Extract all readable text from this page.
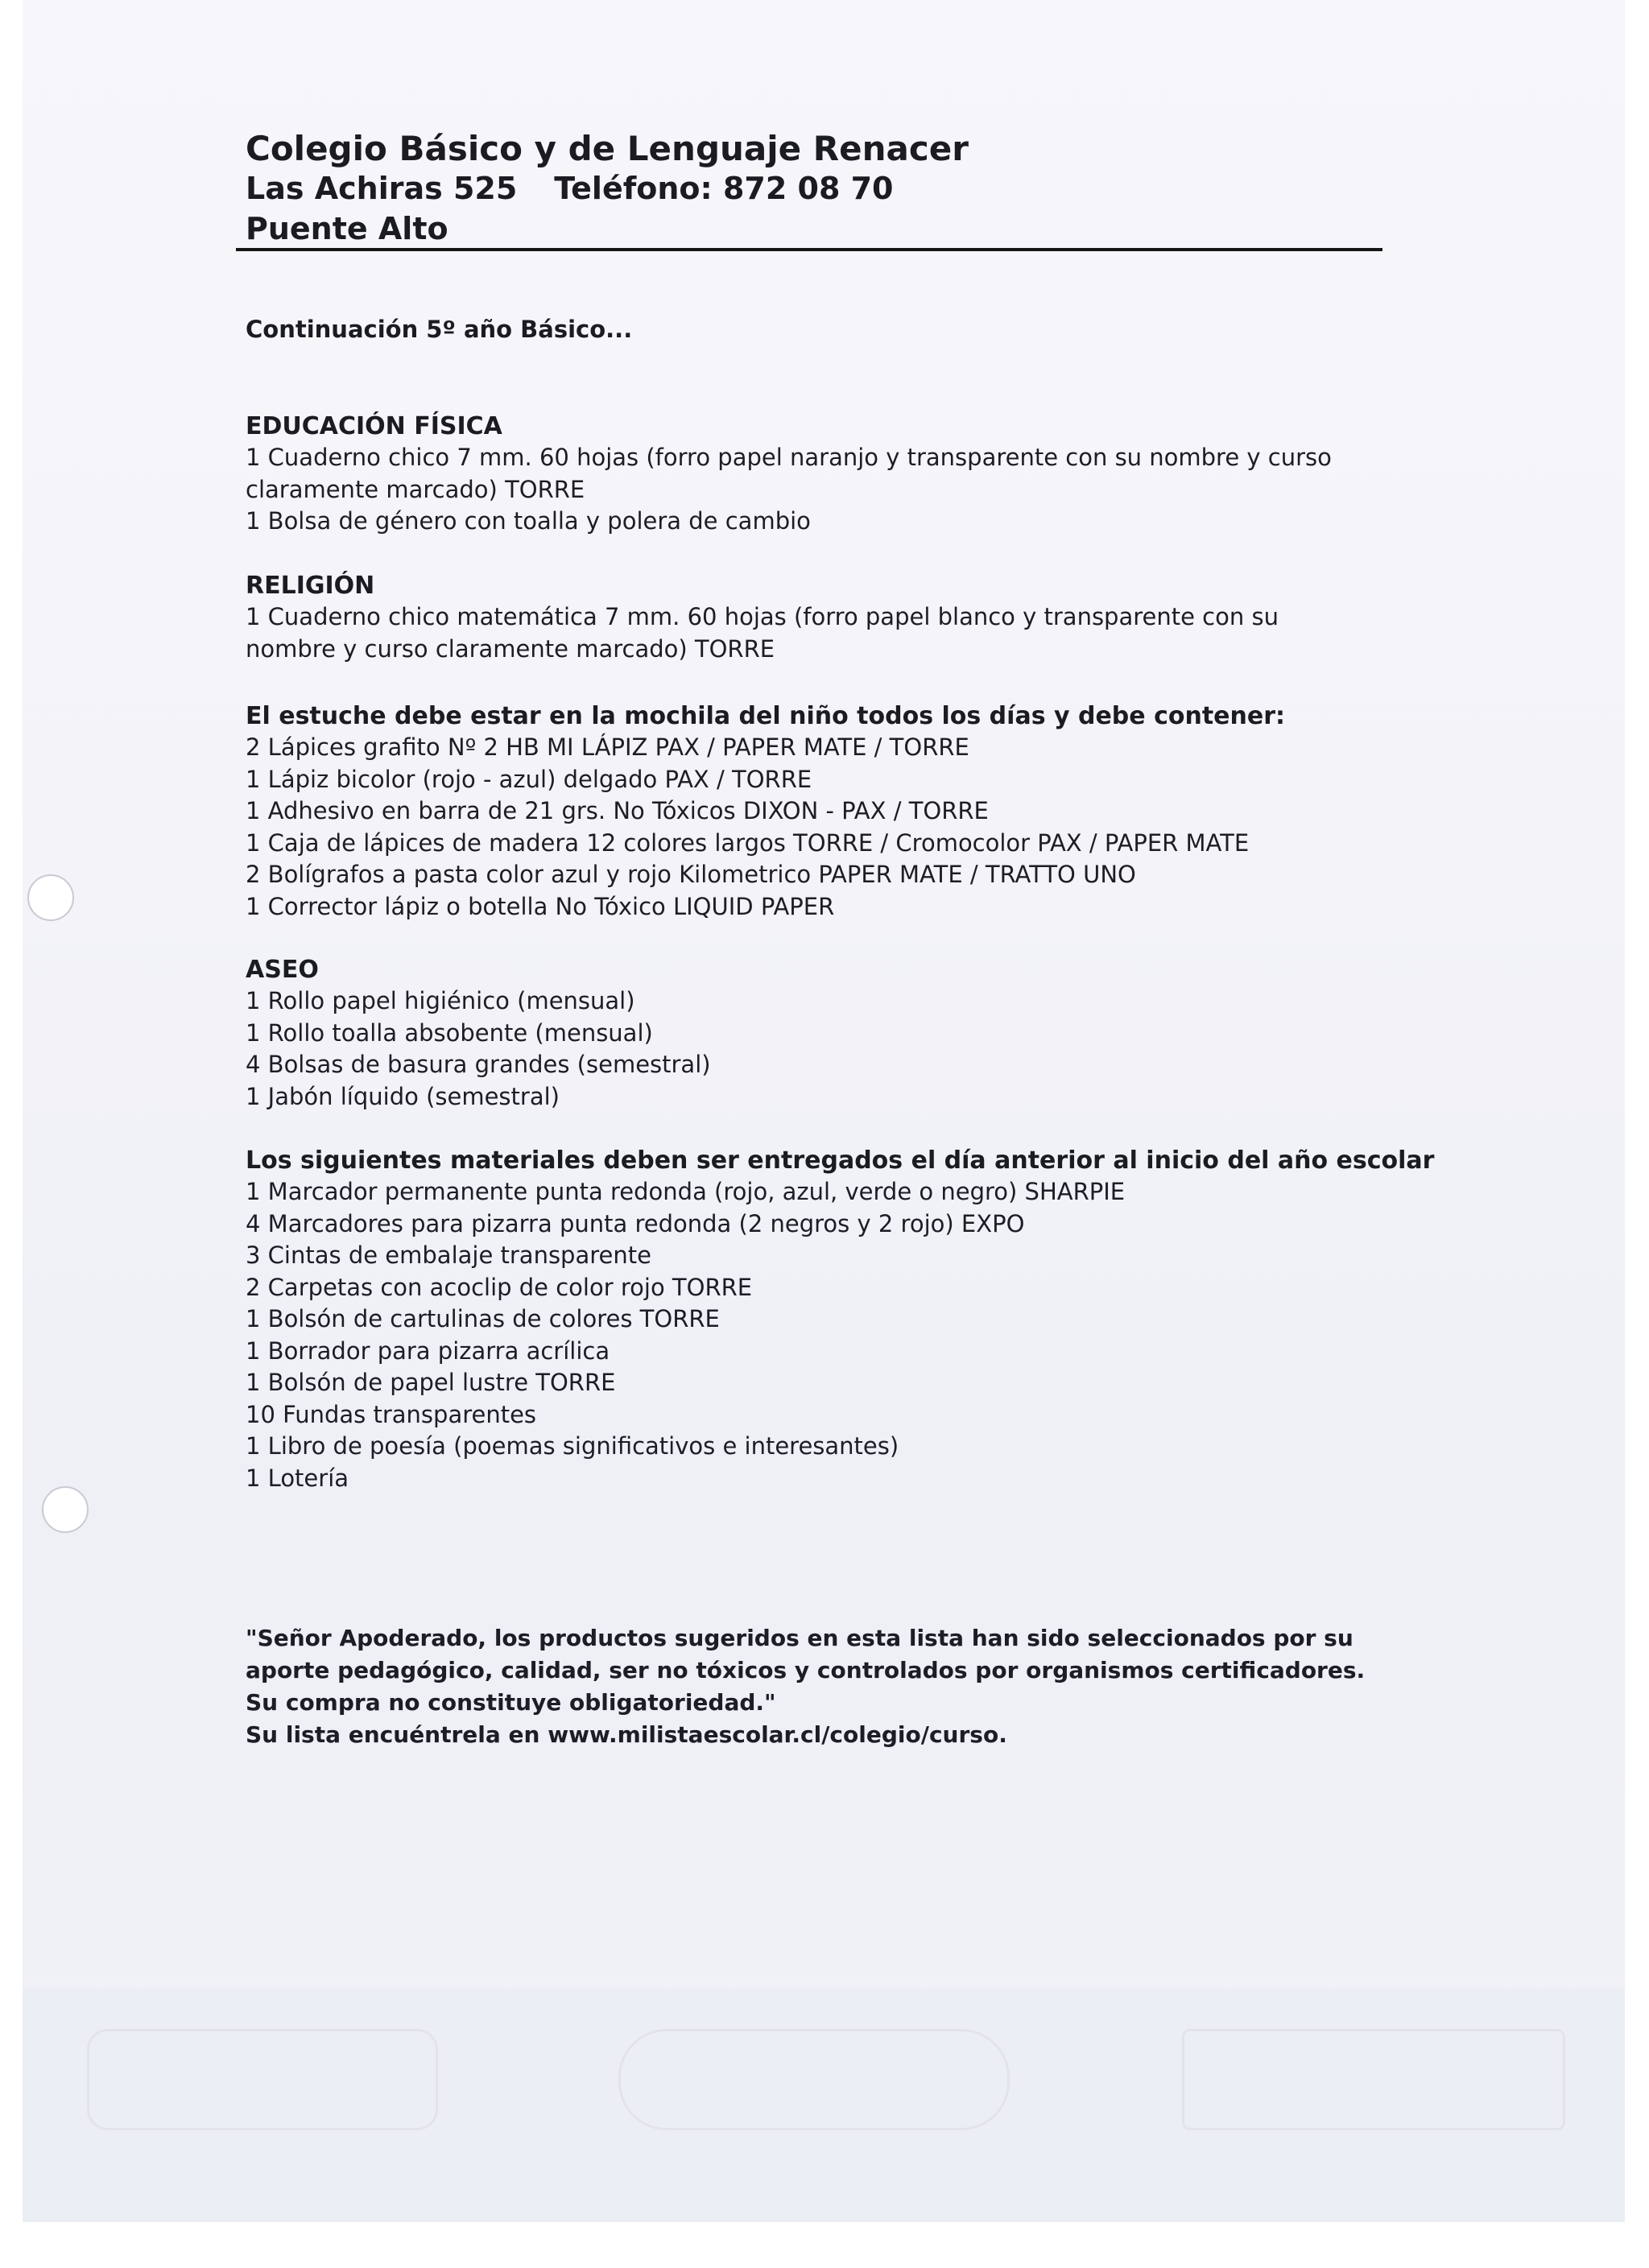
Colegio Básico y de Lenguaje Renacer
Las Achiras 525 Teléfono: 872 08 70
Puente Alto
Continuación 5º año Básico...
EDUCACIÓN FÍSICA
1 Cuaderno chico 7 mm. 60 hojas (forro papel naranjo y transparente con su nombre y curso
claramente marcado) TORRE
1 Bolsa de género con toalla y polera de cambio
RELIGIÓN
1 Cuaderno chico matemática 7 mm. 60 hojas (forro papel blanco y transparente con su
nombre y curso claramente marcado) TORRE
El estuche debe estar en la mochila del niño todos los días y debe contener:
2 Lápices grafito Nº 2 HB MI LÁPIZ PAX / PAPER MATE / TORRE
1 Lápiz bicolor (rojo - azul) delgado PAX / TORRE
1 Adhesivo en barra de 21 grs. No Tóxicos DIXON - PAX / TORRE
1 Caja de lápices de madera 12 colores largos TORRE / Cromocolor PAX / PAPER MATE
2 Bolígrafos a pasta color azul y rojo Kilometrico PAPER MATE / TRATTO UNO
1 Corrector lápiz o botella No Tóxico LIQUID PAPER
ASEO
1 Rollo papel higiénico (mensual)
1 Rollo toalla absobente (mensual)
4 Bolsas de basura grandes (semestral)
1 Jabón líquido (semestral)
Los siguientes materiales deben ser entregados el día anterior al inicio del año escolar
1 Marcador permanente punta redonda (rojo, azul, verde o negro) SHARPIE
4 Marcadores para pizarra punta redonda (2 negros y 2 rojo) EXPO
3 Cintas de embalaje transparente
2 Carpetas con acoclip de color rojo TORRE
1 Bolsón de cartulinas de colores TORRE
1 Borrador para pizarra acrílica
1 Bolsón de papel lustre TORRE
10 Fundas transparentes
1 Libro de poesía (poemas significativos e interesantes)
1 Lotería
"Señor Apoderado, los productos sugeridos en esta lista han sido seleccionados por su
aporte pedagógico, calidad, ser no tóxicos y controlados por organismos certificadores.
Su compra no constituye obligatoriedad."
Su lista encuéntrela en www.milistaescolar.cl/colegio/curso.
